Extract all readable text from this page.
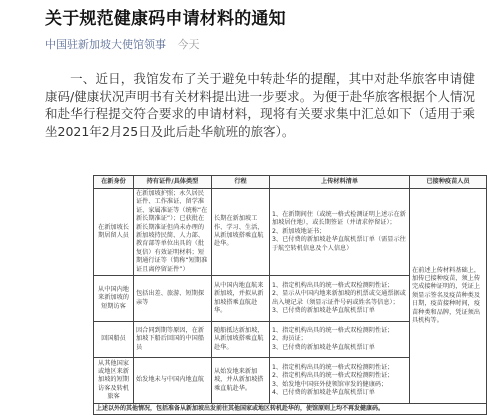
关于规范健康码申请材料的通知
中国驻新加坡大使馆领事 今天
一、近日，我馆发布了关于避免中转赴华的提醒，其中对赴华旅客申请健康码/健康状况声明书有关材料提出进一步要求。为便于赴华旅客根据个人情况和赴华行程提交符合要求的申请材料，现将有关要求集中汇总如下（适用于乘坐2021年2月25日及此后赴华航班的旅客）。
在新身份	持有证件/具体类型	行程	上传材料清单	已接种疫苗人员
在新加坡长期居留人员	在新加坡护照；永久居民证件、工作准证、留学准证、家属准证等（统称“在新长期准证”）；已获批在新长期准证但尚未办理的新加坡持民简、人力部、教育部等单位出具的（批复信）有效证明材料；短期通行证等（简称“短期准证且离停留证件”）	长期在新加坡工作、学习、生活，从新加坡搭乘直航赴华。	1、在新期间住（或统一格式检测证明上述示在新加坡居住地），或长期签证（并请求停留证）；
2、新加坡地证书；
3、已付费的新加坡赴华直航机票订单（需显示往于航空转机信息及个人信息）	在前述上传材料基础上，加传已接种疫苗，须上传完成接种证明的，凭证上须显示签名及疫苗种类及日期，疫苗接种时间，疫苗种类和品牌，凭证须出具机构等。
从中国内地来新加坡的短期访客	包括出差、旅游、短期探亲等	从中国内地直航来新加坡，并拟从新加坡搭乘直航赴华。	1、指定机构出具的统一格式双检测阴性证；
2、显示从中国内地来新加坡的机票或交通票据或出入境记录（须显示证件号码或姓名等信息）；
3、已付费的新加坡赴华直航机票订单	
回国船员	因合同到期等原因，在新加坡下船后回国的中国船员	随船抵达新加坡，从新加坡搭乘直航赴华。	1、指定机构出具的统一格式双检测阴性证；
2、海员证；
3、已付费的新加坡赴华直航机票订单	
从其他国家或地区来新加坡的短期访客及转机旅客	始发地未与中国内地直航	从始发地来新加坡，并从新加坡搭乘直航赴华。	1、指定机构出具的统一格式双检测阴性证；
2、指定机构出具的统一格式双检测阴性证；
3、始发地中国驻外使领馆审发的健康码；
4、已付费的新加坡赴华直航机票订单	
上述以外的其他情况，包括准备从新加坡出发前往其他国家或地区转机赴华的，使馆原则上均不再发健康码。				
